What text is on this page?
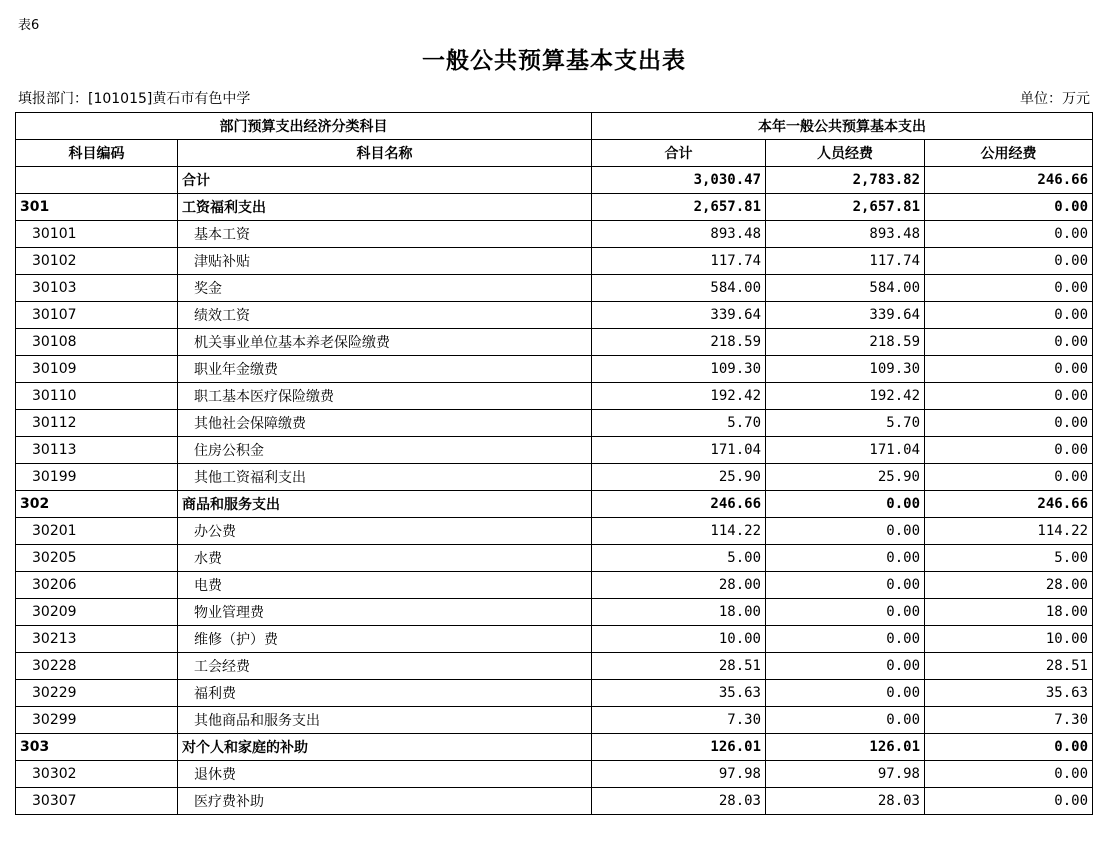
表6
一般公共预算基本支出表
填报部门：[101015]黄石市有色中学	单位：万元
部门预算支出经济分类科目		本年一般公共预算基本支出		
科目编码	科目名称	合计	人员经费	公用经费
	合计	3,030.47	2,783.82	246.66
301	工资福利支出	2,657.81	2,657.81	0.00
30101	基本工资	893.48	893.48	0.00
30102	津贴补贴	117.74	117.74	0.00
30103	奖金	584.00	584.00	0.00
30107	绩效工资	339.64	339.64	0.00
30108	机关事业单位基本养老保险缴费	218.59	218.59	0.00
30109	职业年金缴费	109.30	109.30	0.00
30110	职工基本医疗保险缴费	192.42	192.42	0.00
30112	其他社会保障缴费	5.70	5.70	0.00
30113	住房公积金	171.04	171.04	0.00
30199	其他工资福利支出	25.90	25.90	0.00
302	商品和服务支出	246.66	0.00	246.66
30201	办公费	114.22	0.00	114.22
30205	水费	5.00	0.00	5.00
30206	电费	28.00	0.00	28.00
30209	物业管理费	18.00	0.00	18.00
30213	维修（护）费	10.00	0.00	10.00
30228	工会经费	28.51	0.00	28.51
30229	福利费	35.63	0.00	35.63
30299	其他商品和服务支出	7.30	0.00	7.30
303	对个人和家庭的补助	126.01	126.01	0.00
30302	退休费	97.98	97.98	0.00
30307	医疗费补助	28.03	28.03	0.00
